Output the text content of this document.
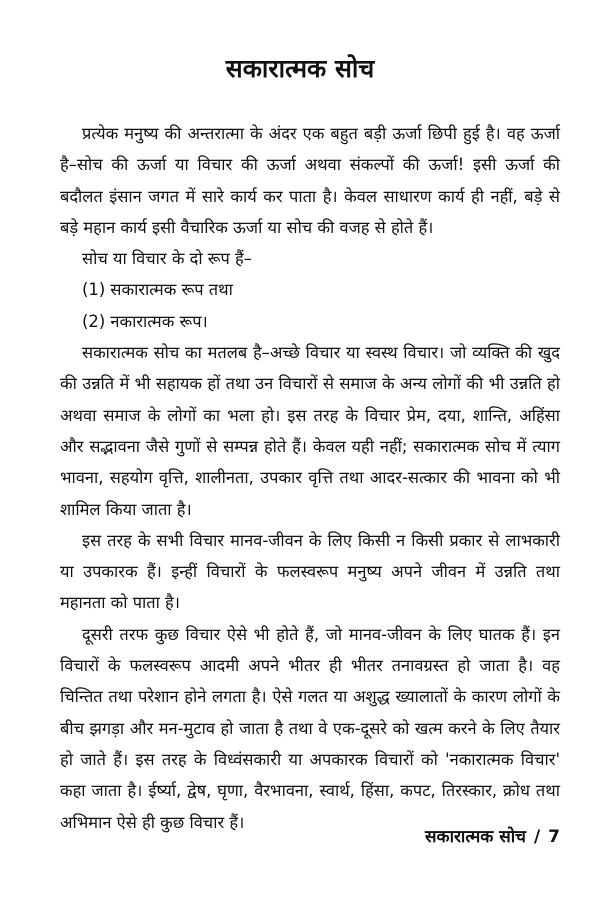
सकारात्मक सोच

प्रत्येक मनुष्य की अन्तरात्मा के अंदर एक बहुत बड़ी ऊर्जा छिपी हुई है। वह ऊर्जा है–सोच की ऊर्जा या विचार की ऊर्जा अथवा संकल्पों की ऊर्जा! इसी ऊर्जा की बदौलत इंसान जगत में सारे कार्य कर पाता है। केवल साधारण कार्य ही नहीं, बड़े से बड़े महान कार्य इसी वैचारिक ऊर्जा या सोच की वजह से होते हैं।

सोच या विचार के दो रूप हैं–

(1) सकारात्मक रूप तथा

(2) नकारात्मक रूप।

सकारात्मक सोच का मतलब है–अच्छे विचार या स्वस्थ विचार। जो व्यक्ति की खुद की उन्नति में भी सहायक हों तथा उन विचारों से समाज के अन्य लोगों की भी उन्नति हो अथवा समाज के लोगों का भला हो। इस तरह के विचार प्रेम, दया, शान्ति, अहिंसा और सद्भावना जैसे गुणों से सम्पन्न होते हैं। केवल यही नहीं; सकारात्मक सोच में त्याग भावना, सहयोग वृत्ति, शालीनता, उपकार वृत्ति तथा आदर-सत्कार की भावना को भी शामिल किया जाता है।

इस तरह के सभी विचार मानव-जीवन के लिए किसी न किसी प्रकार से लाभकारी या उपकारक हैं। इन्हीं विचारों के फलस्वरूप मनुष्य अपने जीवन में उन्नति तथा महानता को पाता है।

दूसरी तरफ कुछ विचार ऐसे भी होते हैं, जो मानव-जीवन के लिए घातक हैं। इन विचारों के फलस्वरूप आदमी अपने भीतर ही भीतर तनावग्रस्त हो जाता है। वह चिन्तित तथा परेशान होने लगता है। ऐसे गलत या अशुद्ध ख्यालातों के कारण लोगों के बीच झगड़ा और मन-मुटाव हो जाता है तथा वे एक-दूसरे को खत्म करने के लिए तैयार हो जाते हैं। इस तरह के विध्वंसकारी या अपकारक विचारों को 'नकारात्मक विचार' कहा जाता है। ईर्ष्या, द्वेष, घृणा, वैरभावना, स्वार्थ, हिंसा, कपट, तिरस्कार, क्रोध तथा अभिमान ऐसे ही कुछ विचार हैं।

सकारात्मक सोच / 7
